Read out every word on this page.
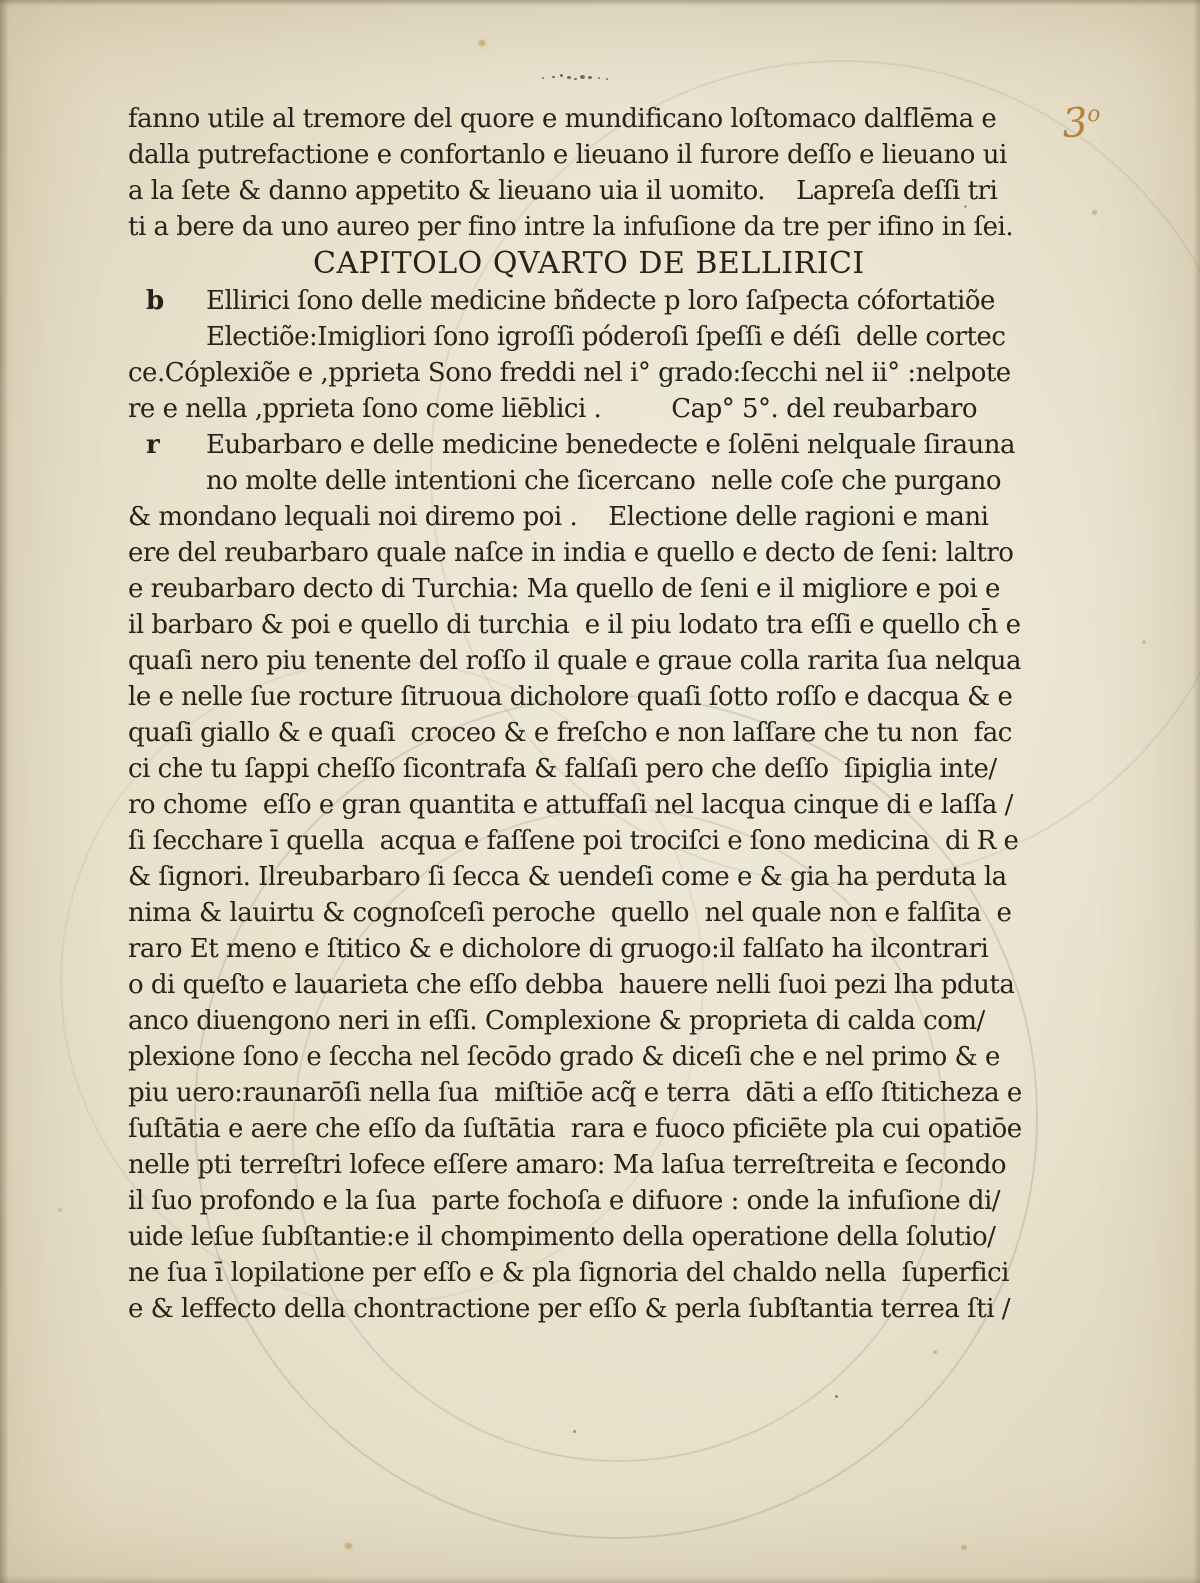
3$^o$
fanno utile al tremore del quore e mundificano loſtomaco dalflēma e
dalla putrefactione e confortanlo e lieuano il furore deſſo e lieuano ui
a la ſete & danno appetito & lieuano uia il uomito.    Lapreſa deſſi tri
ti a bere da uno aureo per fino intre la infuſione da tre per ifino in ſei.
CAPITOLO QVARTO DE BELLIRICI
b Ellirici ſono delle medicine bñdecte p loro ſaſpecta cófortatiõe
Electiõe:Imigliori ſono igroſſi póderoſi ſpeſſi e déſi  delle cortec
ce.Cóplexiõe e ,pprieta Sono freddi nel i° grado:ſecchi nel ii° :nelpote
re e nella ,pprieta ſono come liēblici .         Cap° 5°. del reubarbaro
r Eubarbaro e delle medicine benedecte e ſolēni nelquale ſirauna
no molte delle intentioni che ſicercano  nelle coſe che purgano
& mondano lequali noi diremo poi .    Electione delle ragioni e mani
ere del reubarbaro quale naſce in india e quello e decto de ſeni: laltro
e reubarbaro decto di Turchia: Ma quello de ſeni e il migliore e poi e
il barbaro & poi e quello di turchia  e il piu lodato tra eſſi e quello ch̄ e
quaſi nero piu tenente del roſſo il quale e graue colla rarita ſua nelqua
le e nelle ſue rocture ſitruoua dicholore quaſi ſotto roſſo e dacqua & e
quaſi giallo & e quaſi  croceo & e freſcho e non laſſare che tu non  fac
ci che tu ſappi cheſſo ſicontrafa & falſaſi pero che deſſo  ſipiglia inte/
ro chome  eſſo e gran quantita e attuffaſi nel lacqua cinque di e laſſa /
ſi ſecchare ī quella  acqua e faſſene poi trociſci e ſono medicina  di R e
& ſignori. Ilreubarbaro ſi ſecca & uendeſi come e & gia ha perduta la
nima & lauirtu & cognoſceſi peroche  quello  nel quale non e falſita  e
raro Et meno e ſtitico & e dicholore di gruogo:il falſato ha ilcontrari
o di queſto e lauarieta che eſſo debba  hauere nelli ſuoi pezi lha pduta
anco diuengono neri in eſſi. Complexione & proprieta di calda com/
plexione ſono e ſeccha nel ſecōdo grado & diceſi che e nel primo & e
piu uero:raunarōſi nella ſua  miſtiōe acq̃ e terra  dāti a eſſo ſtiticheza e
ſuſtātia e aere che eſſo da ſuſtātia  rara e fuoco pficiēte pla cui opatiōe
nelle pti terreſtri lofece eſſere amaro: Ma laſua terreſtreita e ſecondo
il ſuo profondo e la ſua  parte fochoſa e difuore : onde la infuſione di/
uide leſue ſubſtantie:e il chompimento della operatione della ſolutio/
ne ſua ī lopilatione per eſſo e & pla ſignoria del chaldo nella  ſuperfici
e & leffecto della chontractione per eſſo & perla ſubſtantia terrea ſti /
